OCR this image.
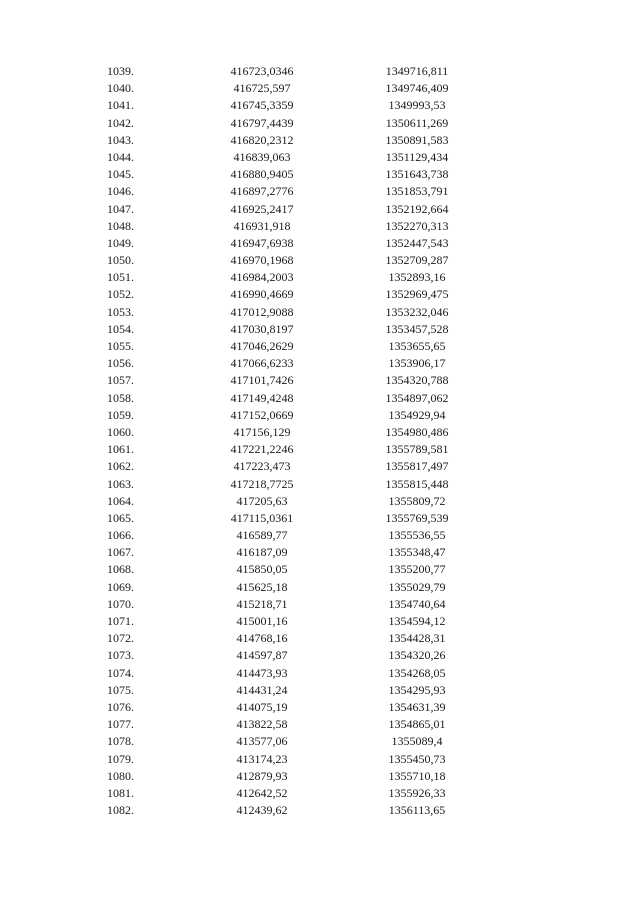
1039.	416723,0346	1349716,811
1040.	416725,597	1349746,409
1041.	416745,3359	1349993,53
1042.	416797,4439	1350611,269
1043.	416820,2312	1350891,583
1044.	416839,063	1351129,434
1045.	416880,9405	1351643,738
1046.	416897,2776	1351853,791
1047.	416925,2417	1352192,664
1048.	416931,918	1352270,313
1049.	416947,6938	1352447,543
1050.	416970,1968	1352709,287
1051.	416984,2003	1352893,16
1052.	416990,4669	1352969,475
1053.	417012,9088	1353232,046
1054.	417030,8197	1353457,528
1055.	417046,2629	1353655,65
1056.	417066,6233	1353906,17
1057.	417101,7426	1354320,788
1058.	417149,4248	1354897,062
1059.	417152,0669	1354929,94
1060.	417156,129	1354980,486
1061.	417221,2246	1355789,581
1062.	417223,473	1355817,497
1063.	417218,7725	1355815,448
1064.	417205,63	1355809,72
1065.	417115,0361	1355769,539
1066.	416589,77	1355536,55
1067.	416187,09	1355348,47
1068.	415850,05	1355200,77
1069.	415625,18	1355029,79
1070.	415218,71	1354740,64
1071.	415001,16	1354594,12
1072.	414768,16	1354428,31
1073.	414597,87	1354320,26
1074.	414473,93	1354268,05
1075.	414431,24	1354295,93
1076.	414075,19	1354631,39
1077.	413822,58	1354865,01
1078.	413577,06	1355089,4
1079.	413174,23	1355450,73
1080.	412879,93	1355710,18
1081.	412642,52	1355926,33
1082.	412439,62	1356113,65
